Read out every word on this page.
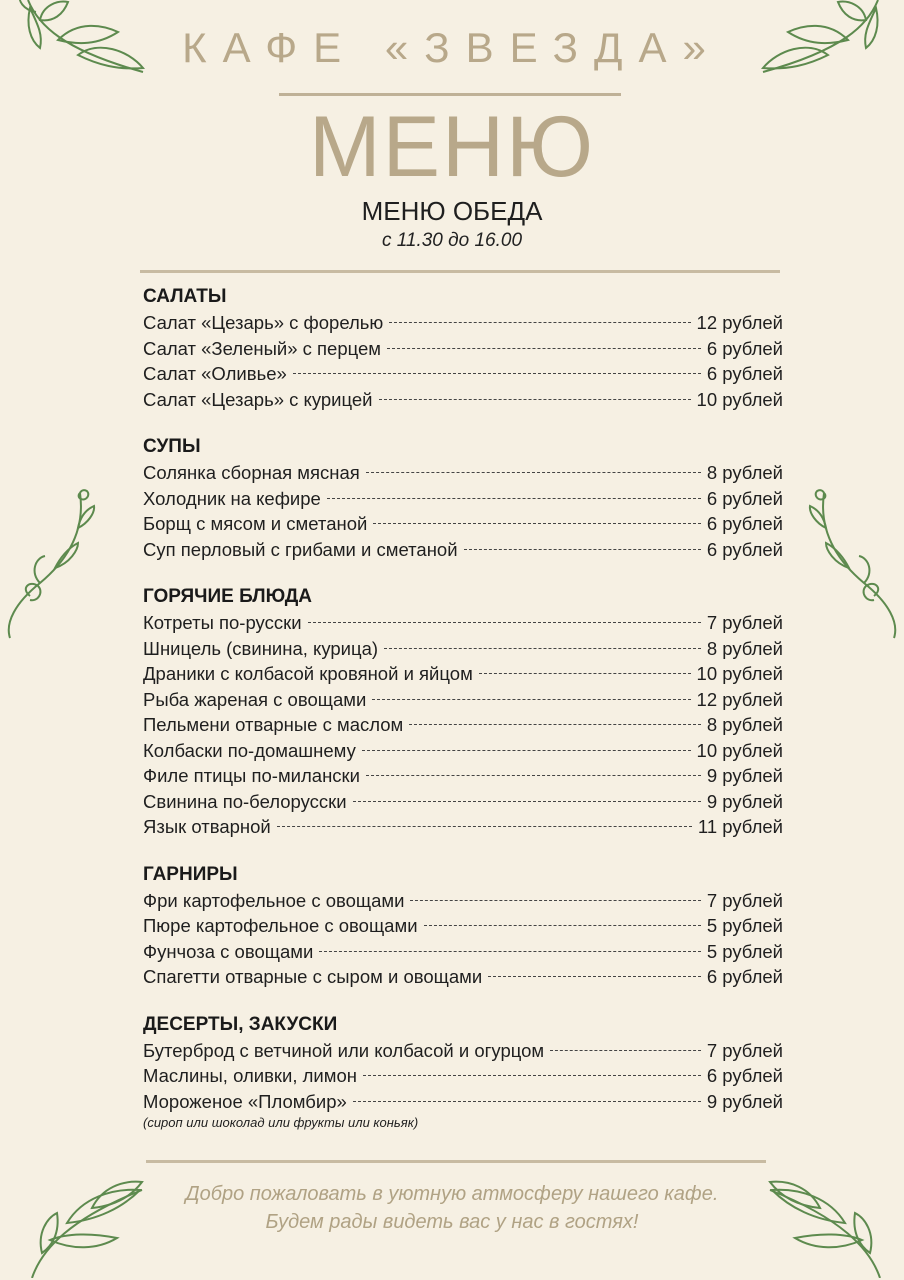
КАФЕ «ЗВЕЗДА»
МЕНЮ
МЕНЮ ОБЕДА
с 11.30 до 16.00
САЛАТЫ
Салат «Цезарь» с форелью	12 рублей
Салат «Зеленый» с перцем	6 рублей
Салат «Оливье»	6 рублей
Салат «Цезарь» с курицей	10 рублей
СУПЫ
Солянка сборная мясная	8 рублей
Холодник на кефире	6 рублей
Борщ с мясом и сметаной	6 рублей
Суп перловый с грибами и сметаной	6 рублей
ГОРЯЧИЕ БЛЮДА
Котреты по-русски	7 рублей
Шницель (свинина, курица)	8 рублей
Драники с колбасой кровяной и яйцом	10 рублей
Рыба жареная с овощами	12 рублей
Пельмени отварные с маслом	8 рублей
Колбаски по-домашнему	10 рублей
Филе птицы по-милански	9 рублей
Свинина по-белорусски	9 рублей
Язык отварной	11 рублей
ГАРНИРЫ
Фри картофельное с овощами	7 рублей
Пюре картофельное с овощами	5 рублей
Фунчоза с овощами	5 рублей
Спагетти отварные с сыром и овощами	6 рублей
ДЕСЕРТЫ, ЗАКУСКИ
Бутерброд с ветчиной или колбасой и огурцом	7 рублей
Маслины, оливки, лимон	6 рублей
Мороженое «Пломбир»	9 рублей
(сироп или шоколад или фрукты или коньяк)
Добро пожаловать в уютную атмосферу нашего кафе.
Будем рады видеть вас у нас в гостях!
